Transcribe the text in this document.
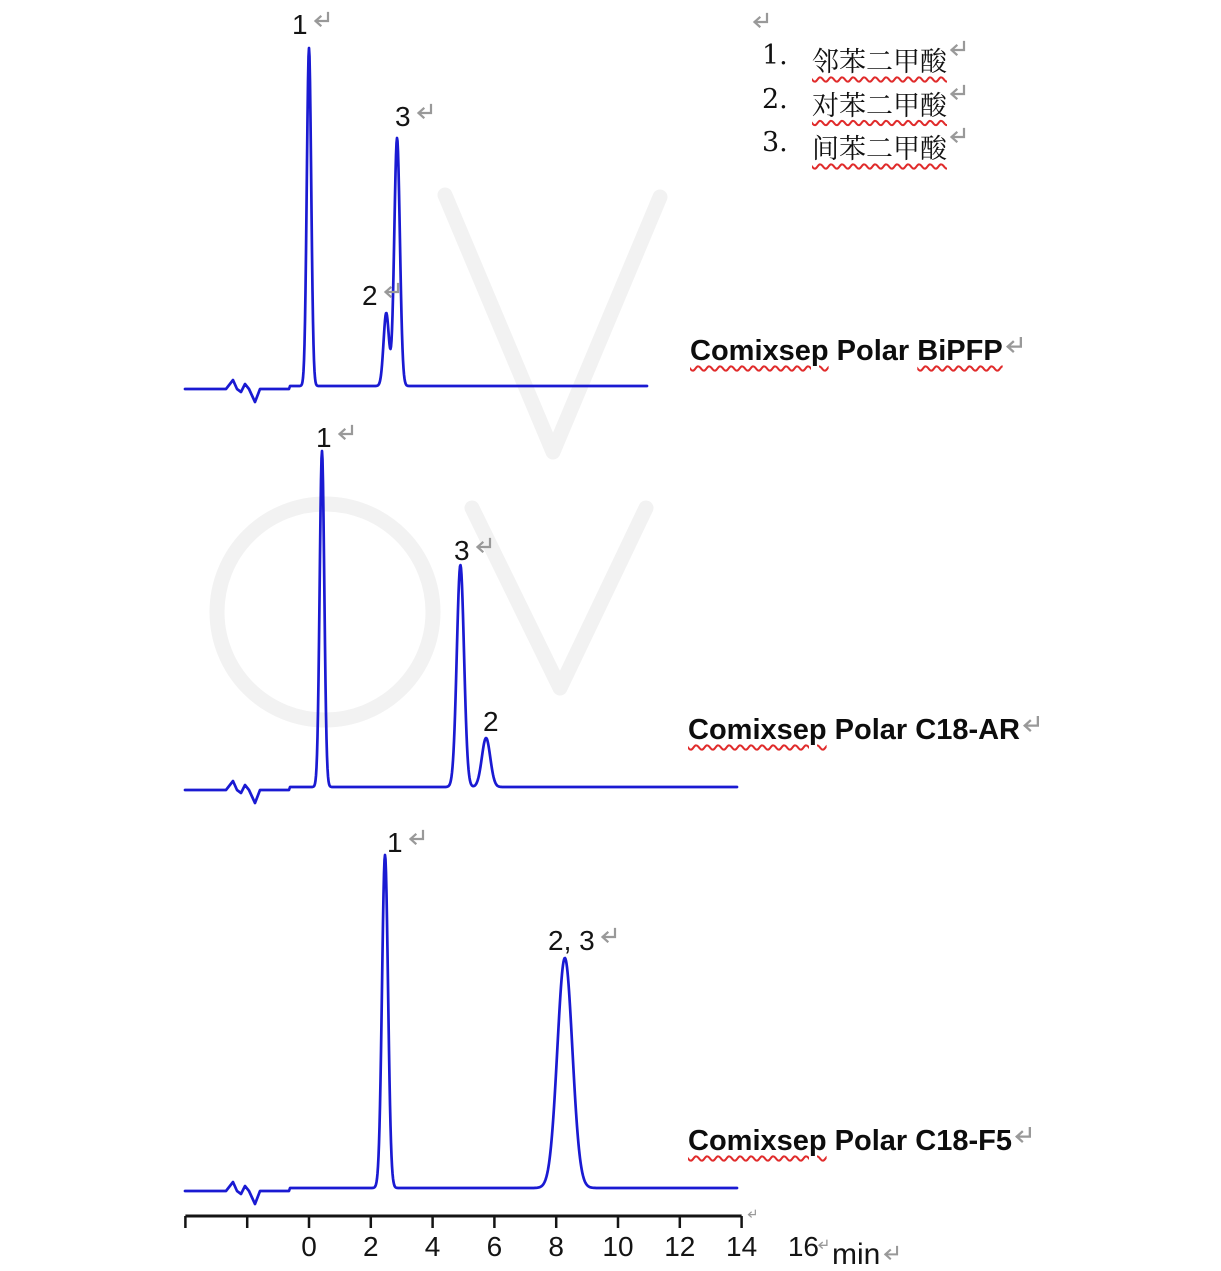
min
1
2
3
Comixsep Polar BiPFP
1
3
2	Comixsep Polar C18-AR
1
2, 3
Comixsep Polar C18-F5
0 2 4 6 8 10 12 14 16
1. 邻苯二甲酸
2. 对苯二甲酸
3. 间苯二甲酸
